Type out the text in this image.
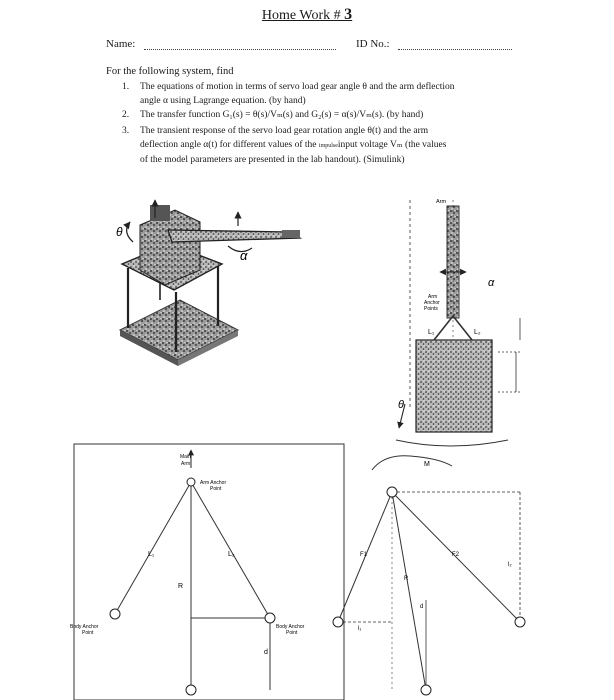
Home Work # 3
Name:	ID No.:
For the following system, find
1. The equations of motion in terms of servo load gear angle θ and the arm deflection
angle α using Lagrange equation. (by hand)
2. The transfer function G₁(s) = θ(s)/Vₘ(s) and G₂(s) = α(s)/Vₘ(s). (by hand)
3. The transient response of the servo load gear rotation angle θ(t) and the arm
deflection angle α(t) for different values of the impulseinput voltage Vₘ (the values
of the model parameters are presented in the lab handout). (Simulink)
θ
α
Arm
α
Arm
Anchor
Points
L₁	L₂
θ
Main
Arm
Arm Anchor
Point
L₁	L₂
R
Body Anchor
Point
Body Anchor
Point
d
M
F1	F2
R
l₁
l₂
d
